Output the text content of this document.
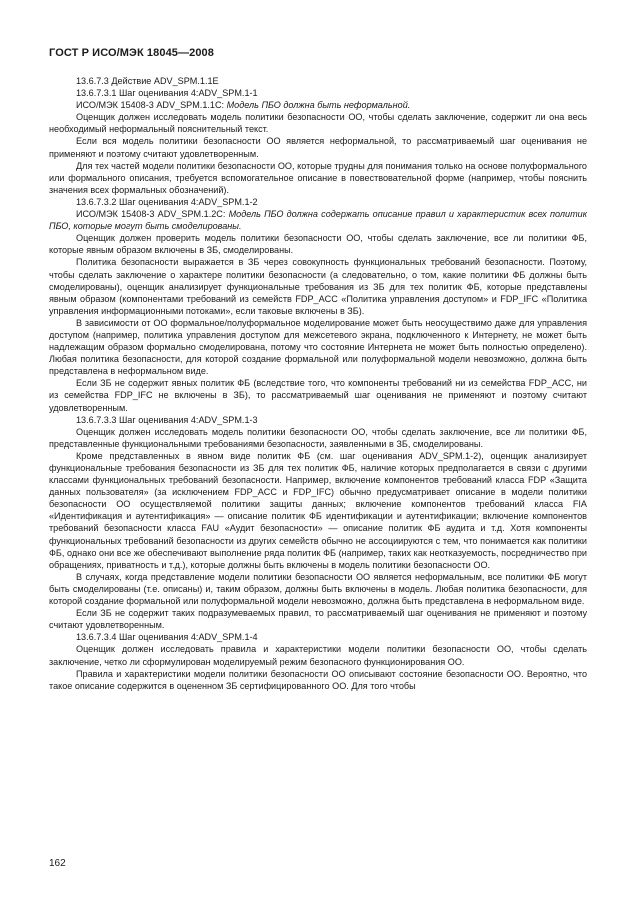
ГОСТ Р ИСО/МЭК 18045—2008

13.6.7.3 Действие ADV_SPM.1.1E

13.6.7.3.1 Шаг оценивания 4:ADV_SPM.1-1

ИСО/МЭК 15408-3 ADV_SPM.1.1C: Модель ПБО должна быть неформальной.

Оценщик должен исследовать модель политики безопасности ОО, чтобы сделать заключение, содержит ли она весь необходимый неформальный пояснительный текст.

Если вся модель политики безопасности ОО является неформальной, то рассматриваемый шаг оценивания не применяют и поэтому считают удовлетворенным.

Для тех частей модели политики безопасности ОО, которые трудны для понимания только на основе полуформального или формального описания, требуется вспомогательное описание в повествовательной форме (например, чтобы пояснить значения всех формальных обозначений).

13.6.7.3.2 Шаг оценивания 4:ADV_SPM.1-2

ИСО/МЭК 15408-3 ADV_SPM.1.2C: Модель ПБО должна содержать описание правил и характеристик всех политик ПБО, которые могут быть смоделированы.

Оценщик должен проверить модель политики безопасности ОО, чтобы сделать заключение, все ли политики ФБ, которые явным образом включены в ЗБ, смоделированы.

Политика безопасности выражается в ЗБ через совокупность функциональных требований безопасности. Поэтому, чтобы сделать заключение о характере политики безопасности (а следовательно, о том, какие политики ФБ должны быть смоделированы), оценщик анализирует функциональные требования из ЗБ для тех политик ФБ, которые представлены явным образом (компонентами требований из семейств FDP_ACC «Политика управления доступом» и FDP_IFC «Политика управления информационными потоками», если таковые включены в ЗБ).

В зависимости от ОО формальное/полуформальное моделирование может быть неосуществимо даже для управления доступом (например, политика управления доступом для межсетевого экрана, подключенного к Интернету, не может быть надлежащим образом формально смоделирована, потому что состояние Интернета не может быть полностью определено). Любая политика безопасности, для которой создание формальной или полуформальной модели невозможно, должна быть представлена в неформальном виде.

Если ЗБ не содержит явных политик ФБ (вследствие того, что компоненты требований ни из семейства FDP_ACC, ни из семейства FDP_IFC не включены в ЗБ), то рассматриваемый шаг оценивания не применяют и поэтому считают удовлетворенным.

13.6.7.3.3 Шаг оценивания 4:ADV_SPM.1-3

Оценщик должен исследовать модель политики безопасности ОО, чтобы сделать заключение, все ли политики ФБ, представленные функциональными требованиями безопасности, заявленными в ЗБ, смоделированы.

Кроме представленных в явном виде политик ФБ (см. шаг оценивания ADV_SPM.1-2), оценщик анализирует функциональные требования безопасности из ЗБ для тех политик ФБ, наличие которых предполагается в связи с другими классами функциональных требований безопасности. Например, включение компонентов требований класса FDP «Защита данных пользователя» (за исключением FDP_ACC и FDP_IFC) обычно предусматривает описание в модели политики безопасности ОО осуществляемой политики защиты данных; включение компонентов требований класса FIA «Идентификация и аутентификация» — описание политик ФБ идентификации и аутентификации; включение компонентов требований безопасности класса FAU «Аудит безопасности» — описание политик ФБ аудита и т.д. Хотя компоненты функциональных требований безопасности из других семейств обычно не ассоциируются с тем, что понимается как политики ФБ, однако они все же обеспечивают выполнение ряда политик ФБ (например, таких как неотказуемость, посредничество при обращениях, приватность и т.д.), которые должны быть включены в модель политики безопасности ОО.

В случаях, когда представление модели политики безопасности ОО является неформальным, все политики ФБ могут быть смоделированы (т.е. описаны) и, таким образом, должны быть включены в модель. Любая политика безопасности, для которой создание формальной или полуформальной модели невозможно, должна быть представлена в неформальном виде.

Если ЗБ не содержит таких подразумеваемых правил, то рассматриваемый шаг оценивания не применяют и поэтому считают удовлетворенным.

13.6.7.3.4 Шаг оценивания 4:ADV_SPM.1-4

Оценщик должен исследовать правила и характеристики модели политики безопасности ОО, чтобы сделать заключение, четко ли сформулирован моделируемый режим безопасного функционирования ОО.

Правила и характеристики модели политики безопасности ОО описывают состояние безопасности ОО. Вероятно, что такое описание содержится в оцененном ЗБ сертифицированного ОО. Для того чтобы

162
